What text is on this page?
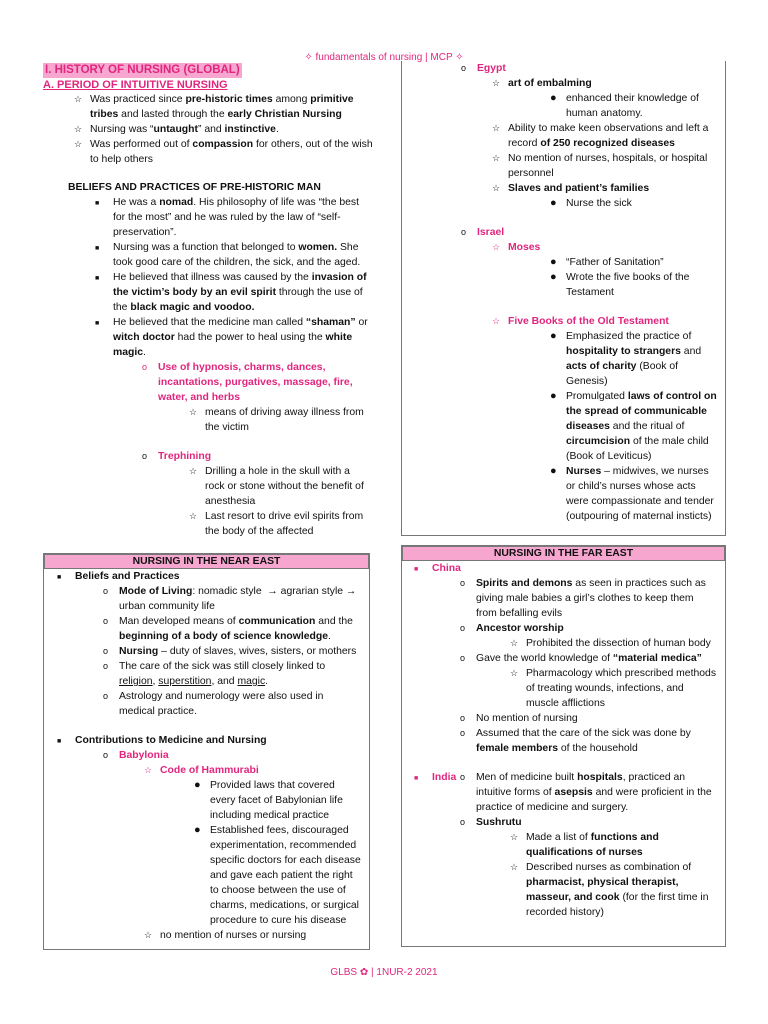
✧ fundamentals of nursing | MCP ✧
I. HISTORY OF NURSING (GLOBAL)
A. PERIOD OF INTUITIVE NURSING
☆ Was practiced since pre-historic times among primitive tribes and lasted through the early Christian Nursing
☆ Nursing was “untaught” and instinctive.
☆ Was performed out of compassion for others, out of the wish to help others
BELIEFS AND PRACTICES OF PRE-HISTORIC MAN
■ He was a nomad. His philosophy of life was “the best for the most” and he was ruled by the law of “self-preservation”.
■ Nursing was a function that belonged to women. She took good care of the children, the sick, and the aged.
■ He believed that illness was caused by the invasion of the victim’s body by an evil spirit through the use of the black magic and voodoo.
■ He believed that the medicine man called “shaman” or witch doctor had the power to heal using the white magic.
o Use of hypnosis, charms, dances, incantations, purgatives, massage, fire, water, and herbs
☆ means of driving away illness from the victim
o Trephining
☆ Drilling a hole in the skull with a rock or stone without the benefit of anesthesia
☆ Last resort to drive evil spirits from the body of the affected
NURSING IN THE NEAR EAST
■ Beliefs and Practices
o Mode of Living: nomadic style  → agrarian style → urban community life
o Man developed means of communication and the beginning of a body of science knowledge.
o Nursing – duty of slaves, wives, sisters, or mothers
o The care of the sick was still closely linked to religion, superstition, and magic.
o Astrology and numerology were also used in medical practice.
■ Contributions to Medicine and Nursing
o Babylonia
☆ Code of Hammurabi
● Provided laws that covered every facet of Babylonian life including medical practice
● Established fees, discouraged experimentation, recommended specific doctors for each disease and gave each patient the right to choose between the use of charms, medications, or surgical procedure to cure his disease
☆ no mention of nurses or nursing
o Egypt
☆ art of embalming
● enhanced their knowledge of human anatomy.
☆ Ability to make keen observations and left a record of 250 recognized diseases
☆ No mention of nurses, hospitals, or hospital personnel
☆ Slaves and patient’s families
● Nurse the sick
o Israel
☆ Moses
● “Father of Sanitation”
● Wrote the five books of the Testament
☆ Five Books of the Old Testament
● Emphasized the practice of hospitality to strangers and acts of charity (Book of Genesis)
● Promulgated laws of control on the spread of communicable diseases and the ritual of circumcision of the male child (Book of Leviticus)
● Nurses – midwives, we nurses or child’s nurses whose acts were compassionate and tender (outpouring of maternal insticts)
NURSING IN THE FAR EAST
■ China
o Spirits and demons as seen in practices such as giving male babies a girl’s clothes to keep them from befalling evils
o Ancestor worship
☆ Prohibited the dissection of human body
o Gave the world knowledge of “material medica”
☆ Pharmacology which prescribed methods of treating wounds, infections, and muscle afflictions
o No mention of nursing
o Assumed that the care of the sick was done by female members of the household
■ India o Men of medicine built hospitals, practiced an intuitive forms of asepsis and were proficient in the practice of medicine and surgery.
o Sushrutu
☆ Made a list of functions and qualifications of nurses
☆ Described nurses as combination of pharmacist, physical therapist, masseur, and cook (for the first time in recorded history)
GLBS ✿ | 1NUR-2 2021
